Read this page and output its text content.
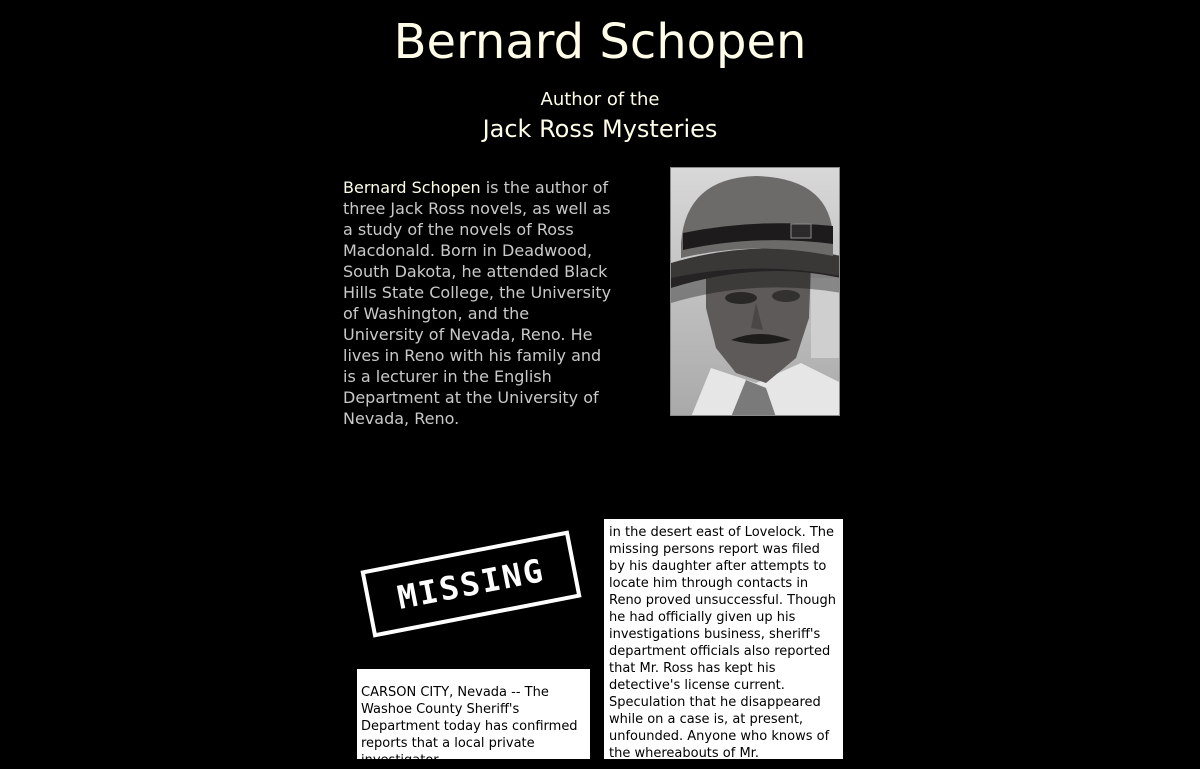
Bernard Schopen
Author of the
Jack Ross Mysteries

Bernard Schopen is the author of three Jack Ross novels, as well as a study of the novels of Ross Macdonald. Born in Deadwood, South Dakota, he attended Black Hills State College, the University of Washington, and the University of Nevada, Reno. He lives in Reno with his family and is a lecturer in the English Department at the University of Nevada, Reno.

MISSING
in the desert east of Lovelock. The missing persons report was filed by his daughter after attempts to locate him through contacts in Reno proved unsuccessful. Though he had officially given up his investigations business, sheriff's department officials also reported that Mr. Ross has kept his detective's license current. Speculation that he disappeared while on a case is, at present, unfounded. Anyone who knows of the whereabouts of Mr.
CARSON CITY, Nevada -- The Washoe County Sheriff's Department today has confirmed reports that a local private investigator
